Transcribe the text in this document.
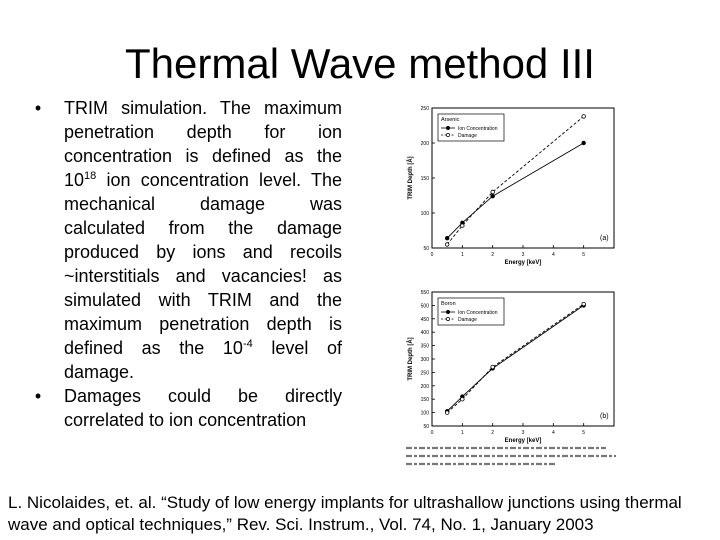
Thermal Wave method III
•	TRIM simulation. The maximum penetration depth for ion concentration is defined as the $10^{18}$ ion concentration level. The mechanical damage was calculated from the damage produced by ions and recoils ~interstitials and vacancies! as simulated with TRIM and the maximum penetration depth is defined as the $10^{-4}$ level of damage.
•	Damages could be directly correlated to ion concentration
50
100
150
200
250
0	1	2	3	4	5
Energy [keV]
TRIM Depth [Å]
Arsenic
Ion Concentration
Damage
(a)
50
100
150
200
250
300
350
400
450
500
550
0	1	2	3	4	5
Energy [keV]
TRIM Depth [Å]
Boron
Ion Concentration
Damage
(b)
L. Nicolaides, et. al. “Study of low energy implants for ultrashallow junctions using thermal wave and optical techniques,” Rev. Sci. Instrum., Vol. 74, No. 1, January 2003
